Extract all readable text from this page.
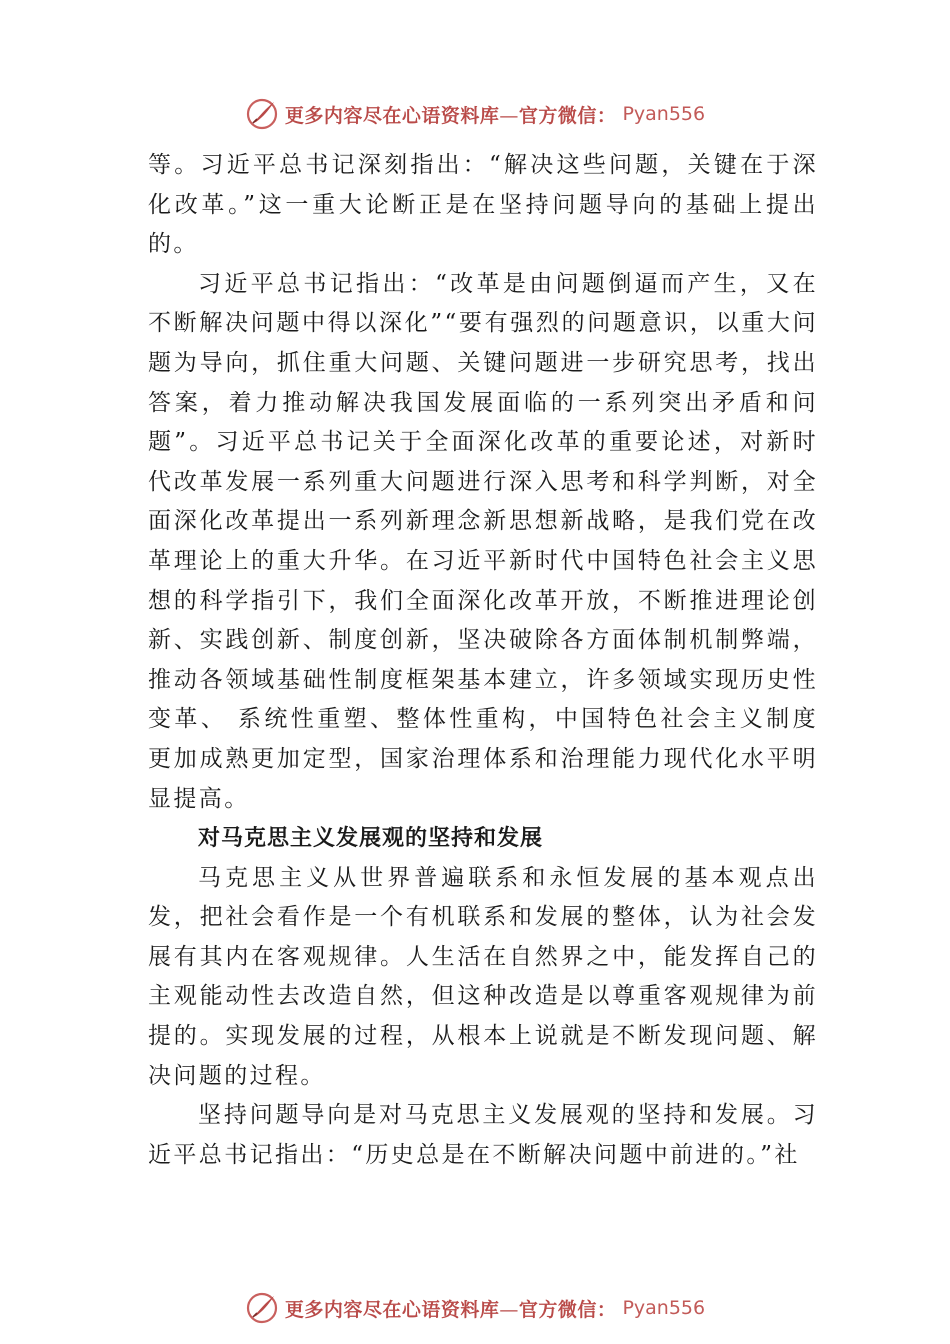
更多内容尽在心语资料库—官方微信： Pyan556

等。习近平总书记深刻指出：“解决这些问题，关键在于深化改革。”这一重大论断正是在坚持问题导向的基础上提出的。

习近平总书记指出：“改革是由问题倒逼而产生，又在不断解决问题中得以深化”“要有强烈的问题意识，以重大问题为导向，抓住重大问题、关键问题进一步研究思考，找出答案，着力推动解决我国发展面临的一系列突出矛盾和问题”。习近平总书记关于全面深化改革的重要论述，对新时代改革发展一系列重大问题进行深入思考和科学判断，对全面深化改革提出一系列新理念新思想新战略，是我们党在改革理论上的重大升华。在习近平新时代中国特色社会主义思想的科学指引下，我们全面深化改革开放，不断推进理论创新、实践创新、制度创新，坚决破除各方面体制机制弊端，推动各领域基础性制度框架基本建立，许多领域实现历史性变革、 系统性重塑、整体性重构，中国特色社会主义制度更加成熟更加定型，国家治理体系和治理能力现代化水平明显提高。

对马克思主义发展观的坚持和发展

马克思主义从世界普遍联系和永恒发展的基本观点出发，把社会看作是一个有机联系和发展的整体，认为社会发展有其内在客观规律。人生活在自然界之中，能发挥自己的主观能动性去改造自然，但这种改造是以尊重客观规律为前提的。实现发展的过程，从根本上说就是不断发现问题、解决问题的过程。

坚持问题导向是对马克思主义发展观的坚持和发展。习近平总书记指出：“历史总是在不断解决问题中前进的。”社

更多内容尽在心语资料库—官方微信： Pyan556
